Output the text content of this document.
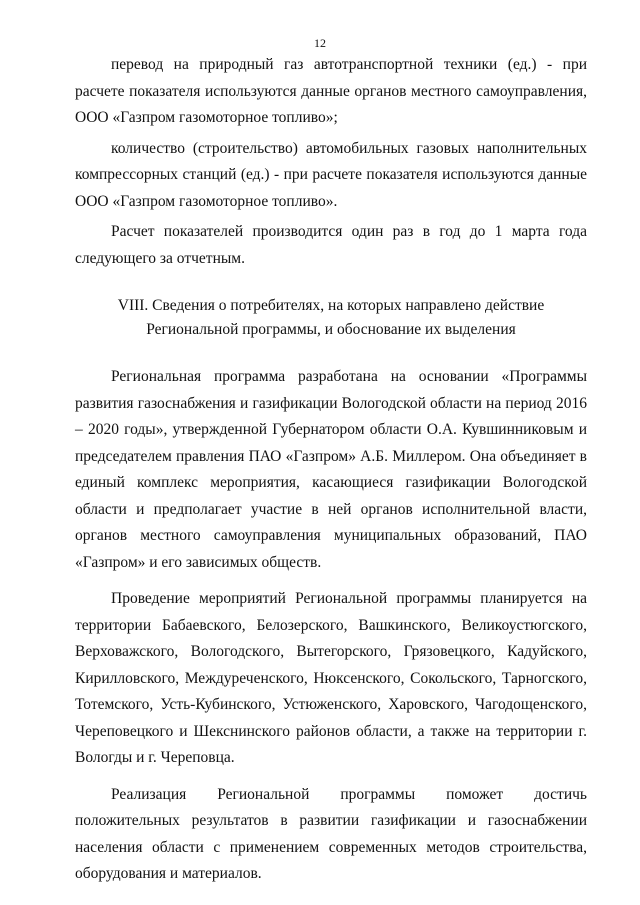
12

перевод на природный газ автотранспортной техники (ед.) - при расчете показателя используются данные органов местного самоуправления, ООО «Газпром газомоторное топливо»;

количество (строительство) автомобильных газовых наполнительных компрессорных станций (ед.) - при расчете показателя используются данные ООО «Газпром газомоторное топливо».

Расчет показателей производится один раз в год до 1 марта года следующего за отчетным.

VIII. Сведения о потребителях, на которых направлено действие Региональной программы, и обоснование их выделения

Региональная программа разработана на основании «Программы развития газоснабжения и газификации Вологодской области на период 2016 – 2020 годы», утвержденной Губернатором области О.А. Кувшинниковым и председателем правления ПАО «Газпром» А.Б. Миллером. Она объединяет в единый комплекс мероприятия, касающиеся газификации Вологодской области и предполагает участие в ней органов исполнительной власти, органов местного самоуправления муниципальных образований, ПАО «Газпром» и его зависимых обществ.

Проведение мероприятий Региональной программы планируется на территории Бабаевского, Белозерского, Вашкинского, Великоустюгского, Верховажского, Вологодского, Вытегорского, Грязовецкого, Кадуйского, Кирилловского, Междуреченского, Нюксенского, Сокольского, Тарногского, Тотемского, Усть-Кубинского, Устюженского, Харовского, Чагодощенского, Череповецкого и Шекснинского районов области, а также на территории г. Вологды и г. Череповца.

Реализация Региональной программы поможет достичь положительных результатов в развитии газификации и газоснабжении населения области с применением современных методов строительства, оборудования и материалов.
